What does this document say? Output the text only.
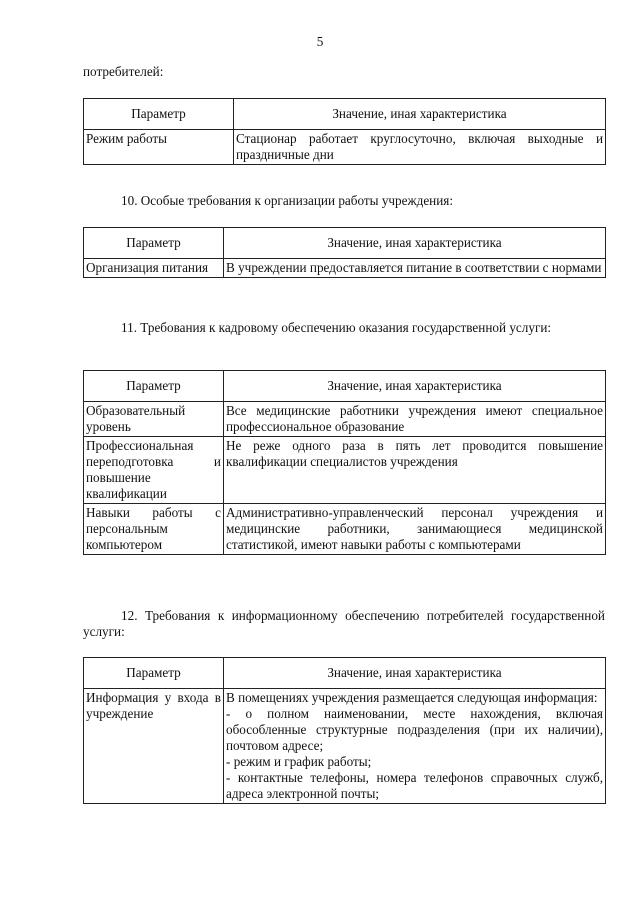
5
потребителей:
Параметр	Значение, иная характеристика
Режим работы	Стационар работает круглосуточно, включая выходные и праздничные дни
10. Особые требования к организации работы учреждения:
Параметр	Значение, иная характеристика
Организация питания	В учреждении предоставляется питание в соответствии с нормами
11. Требования к кадровому обеспечению оказания государственной услуги:
Параметр	Значение, иная характеристика
Образовательный уровень	Все медицинские работники учреждения имеют специальное профессиональное образование
Профессиональная переподготовка и повышение квалификации	Не реже одного раза в пять лет проводится повышение квалификации специалистов учреждения
Навыки работы с персональным компьютером	Административно-управленческий персонал учреждения и медицинские работники, занимающиеся медицинской статистикой, имеют навыки работы с компьютерами
12. Требования к информационному обеспечению потребителей государственной услуги:
Параметр	Значение, иная характеристика
Информация у входа в учреждение	В помещениях учреждения размещается следующая информация:
- о полном наименовании, месте нахождения, включая обособленные структурные подразделения (при их наличии), почтовом адресе;
- режим и график работы;
- контактные телефоны, номера телефонов справочных служб, адреса электронной почты;
